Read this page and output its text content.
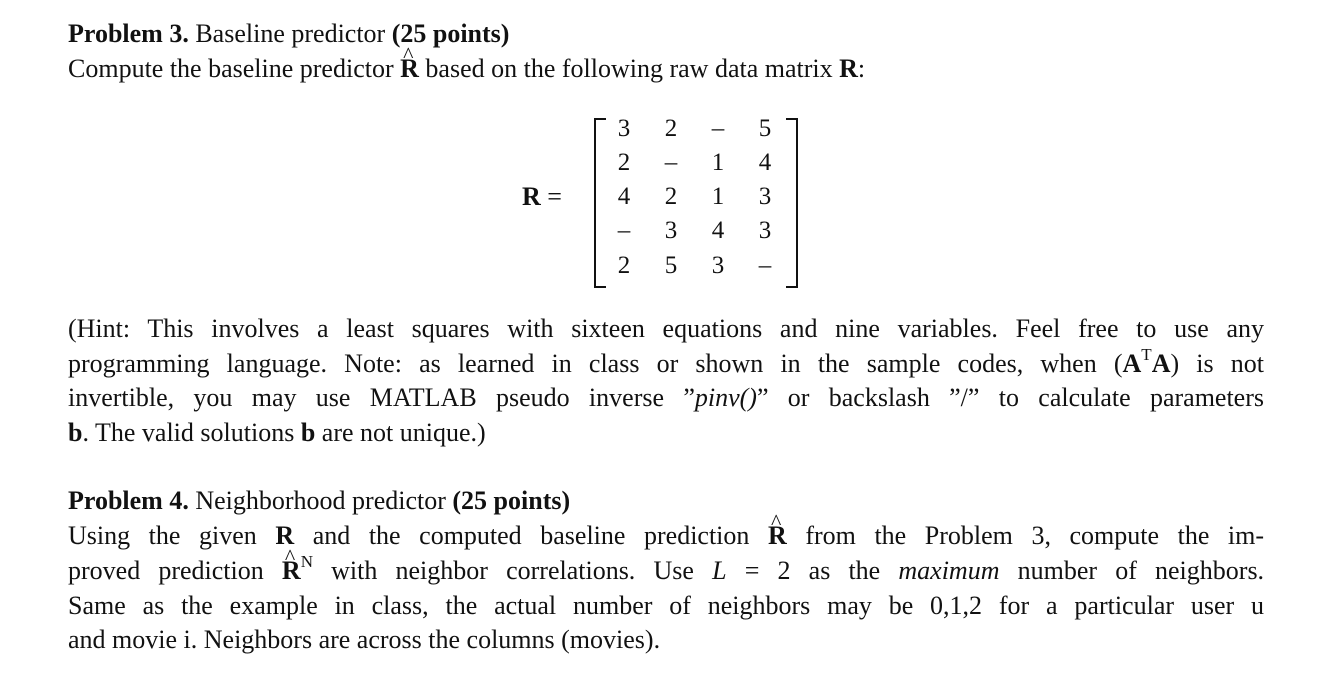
Problem 3. Baseline predictor (25 points)
Compute the baseline predictor ^ R based on the following raw data matrix R:
R =
3	2	–	5
2	–	1	4
4	2	1	3
–	3	4	3
2	5	3	–
(Hint: This involves a least squares with sixteen equations and nine variables. Feel free to use any
programming language. Note: as learned in class or shown in the sample codes, when $(A^TA)$ is not
invertible, you may use MATLAB pseudo inverse ”pinv()” or backslash ”/” to calculate parameters
b. The valid solutions b are not unique.)
Problem 4. Neighborhood predictor (25 points)
Using the given R and the computed baseline prediction ^ R from the Problem 3, compute the im-
proved prediction ^ $R^N$ with neighbor correlations. Use L = 2 as the maximum number of neighbors.
Same as the example in class, the actual number of neighbors may be 0,1,2 for a particular user u
and movie i. Neighbors are across the columns (movies).
